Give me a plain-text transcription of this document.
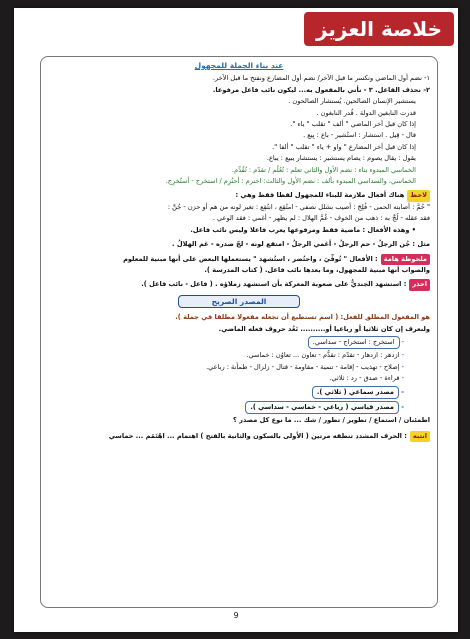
خلاصة العزيز
عند بناء الجملة للمجهول
١- نضم أول الماضي ونكسر ما قبل الآخر/ نضم أول المضارع ونفتح ما قبل الآخر.
٢- نحذف الفاعل. ٣ - نأتي بالمفعول به... ليكون نائب فاعل مرفوعا.
يستشير الإنسان الصالحين. يُستشار الصالحون .
قدرت النابغين الدولة . قُدر النابغون .
إذا كان قبل آخر الماضي " ألف " تقلب " ياء ".
قال - قِيل . استشار : استُشير - باع : بِيع .
إذا كان قبل آخر المضارع " واو + ياء " تقلب " ألفا ".
يقول : يقال يصوم : يصام يستشير : يستشار يبيع : يباع.
الخماسي المبدوء بتاء : نضم الأول والثاني تعلم : تُعُلِّم / تقدّم : تُقُدِّم.
الخماسي، والسداسي المبدوء بألف : نضم الأول والثالث: احترم : أُحتُرِم / استخرج - أُستُخرِج.
لاحظهناك أفعال ملازمة للبناء للمجهول لفظا فقط وهي :
" حُمَّ : أصابته الحمى - فُلِجَ : أصيب بشلل نصفي - امتُقِع ، انتُقِع : تغير لونه من هم أو حزن - جُنَّ :
فقد عقله - لُجَّ به : ذهب من الخوف - غُمَّ الهلال : لم يظهر - أُغمي : فقد الوعي .
• وهذه الأفعال : ماضية فقط ومرفوعها يعرب فاعلا وليس نائب فاعل.
مثل : جُن الرجلُ - حم الرجلُ - أغمي الرجلُ - امتقع لونه - لجّ صدره - غم الهلالُ .
ملحوظة هامة: الأفعال " تُوفِّيَ ، واحتُضر ، استُشهد " يستعملها البعض على أنها مبنية للمعلوم
والصواب أنها مبنية للمجهول، وما بعدها نائب فاعل. ( كتاب المدرسة ).
احذر: استشهد الجنديُّ على صعوبة المعركة بأن استشهد زملاؤه . ( فاعل - نائب فاعل ).
المصدر الصريح
هو المفعول المطلق للفعل: ( اسم تستطيع أن تجعله مفعولا مطلقا في جملة ).
ولنعرف إن كان ثلاثيا أو رباعيا أو.......... نَعُد حروف فعله الماضي.
- استخرج : استخراج - سداسي.
- ازدهر : ازدهار - تقدّم : تقدُّم - تعاون ... تعاوُن : خماسي.
- إصلاح - تهذيب - إقامة - تنمية - مقاومة - قتال - زلزال - طمأنة : رباعي.
- قراءة - صدق - رد : ثلاثي.
- مصدر سماعي ( ثلاثي ).
- مصدر قياسي ( رباعي - خماسي - سداسي ).
اطمئنان / استماع / تطوير / تطور / شك ... ما نوع كل مصدر ؟
انتبه: الحرف المشدد تنطقه مرتين ( الأولى بالسكون والثانية بالفتح ) اهتمام ... اهْتَمَم ... خماسي
9
